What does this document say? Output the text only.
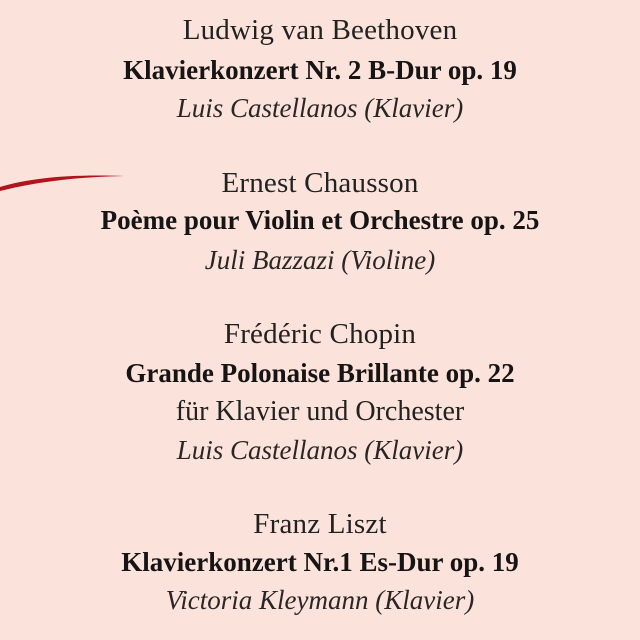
Ludwig van Beethoven
Klavierkonzert Nr. 2 B-Dur op. 19
Luis Castellanos (Klavier)
Ernest Chausson
Poème pour Violin et Orchestre op. 25
Juli Bazzazi (Violine)
Frédéric Chopin
Grande Polonaise Brillante op. 22
für Klavier und Orchester
Luis Castellanos (Klavier)
Franz Liszt
Klavierkonzert Nr.1 Es-Dur op. 19
Victoria Kleymann (Klavier)
